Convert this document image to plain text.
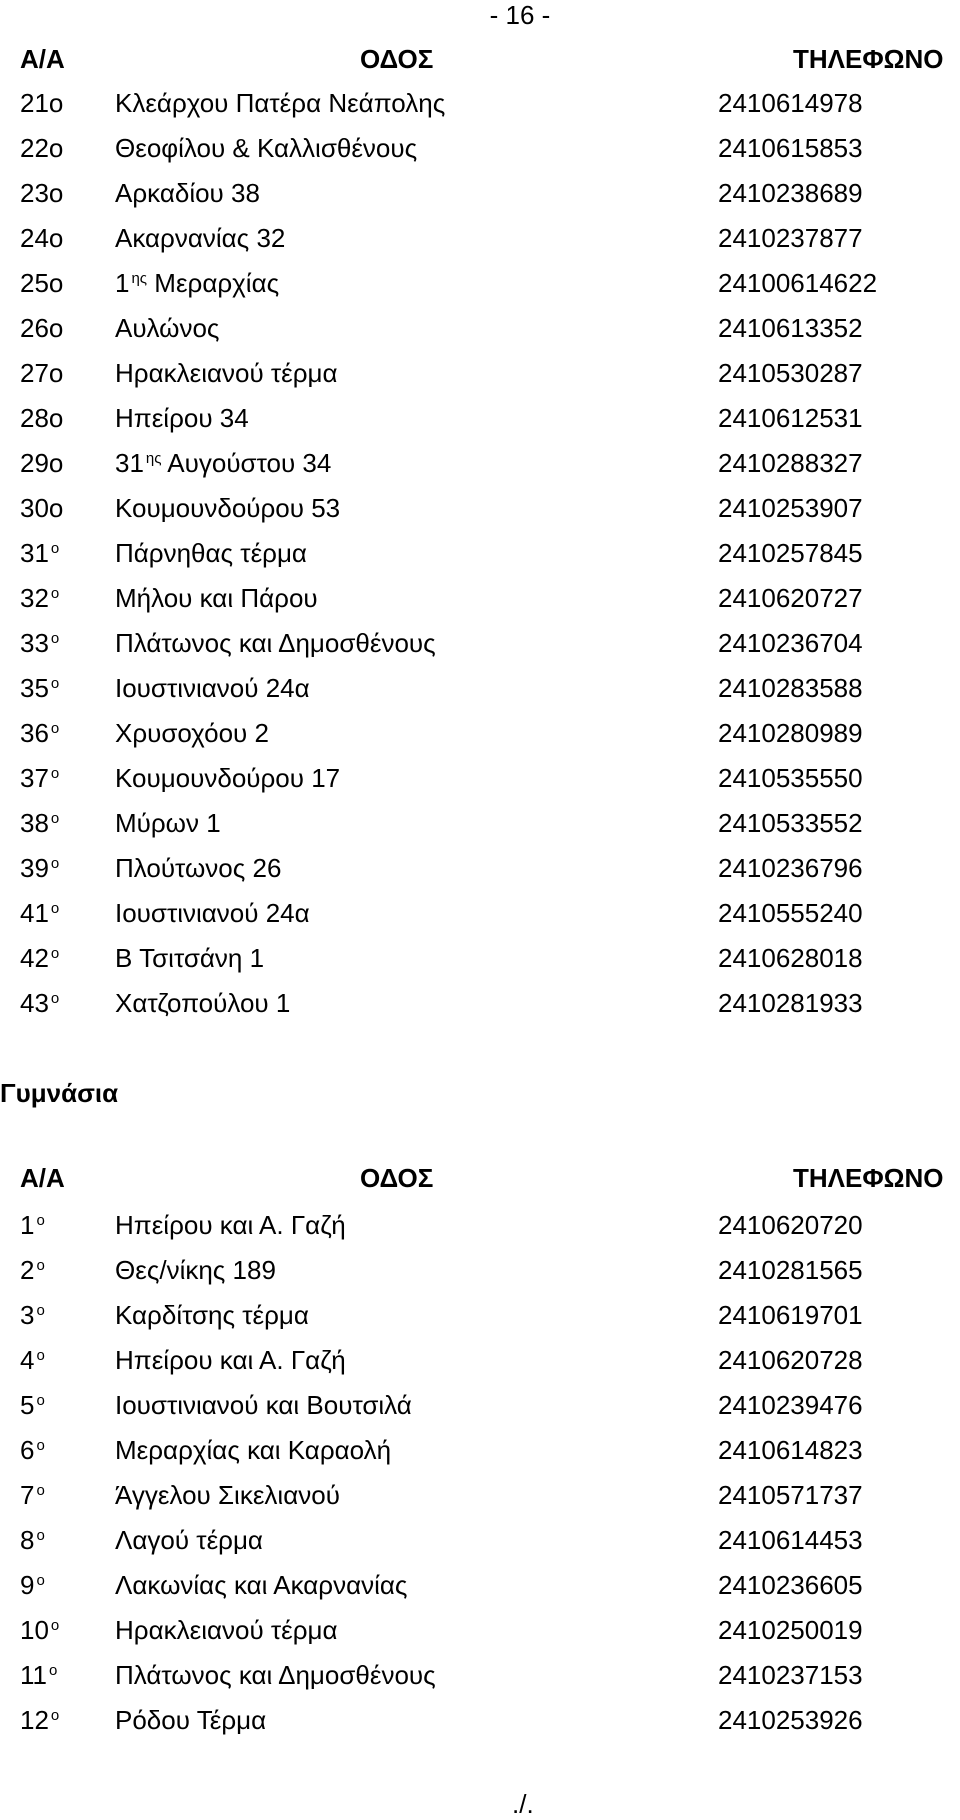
- 16 -
Α/Α	ΟΔΟΣ	ΤΗΛΕΦΩΝΟ
21ο Κλεάρχου Πατέρα Νεάπολης	2410614978
22ο Θεοφίλου & Καλλισθένους	2410615853
23ο Αρκαδίου 38	2410238689
24ο Ακαρνανίας 32	2410237877
25ο 1 $^{\eta\varsigma}$ Μεραρχίας	24100614622
26ο Αυλώνος	2410613352
27ο Ηρακλειανού τέρμα	2410530287
28ο Ηπείρου 34	2410612531
29ο 31 $^{\eta\varsigma}$ Αυγούστου 34	2410288327
30ο Κουμουνδούρου 53	2410253907
31 $^o$ Πάρνηθας τέρμα	2410257845
32 $^o$ Μήλου και Πάρου	2410620727
33 $^o$ Πλάτωνος και Δημοσθένους	2410236704
35 $^o$ Ιουστινιανού 24α	2410283588
36 $^o$ Χρυσοχόου 2	2410280989
37 $^o$ Κουμουνδούρου 17	2410535550
38 $^o$ Μύρων 1	2410533552
39 $^o$ Πλούτωνος 26	2410236796
41 $^o$ Ιουστινιανού 24α	2410555240
42 $^o$ Β Τσιτσάνη 1	2410628018
43 $^o$ Χατζοπούλου 1	2410281933
Γυμνάσια
Α/Α	ΟΔΟΣ	ΤΗΛΕΦΩΝΟ
1 $^o$	Ηπείρου και Α. Γαζή	2410620720
2 $^o$	Θες/νίκης 189	2410281565
3 $^o$	Καρδίτσης τέρμα	2410619701
4 $^o$	Ηπείρου και Α. Γαζή	2410620728
5 $^o$	Ιουστινιανού και Βουτσιλά	2410239476
6 $^o$	Μεραρχίας και Καραολή	2410614823
7 $^o$	Άγγελου Σικελιανού	2410571737
8 $^o$	Λαγού τέρμα	2410614453
9 $^o$	Λακωνίας και Ακαρνανίας	2410236605
10 $^o$ Ηρακλειανού τέρμα	2410250019
11 $^o$ Πλάτωνος και Δημοσθένους	2410237153
12 $^o$ Ρόδου Τέρμα	2410253926
./.
